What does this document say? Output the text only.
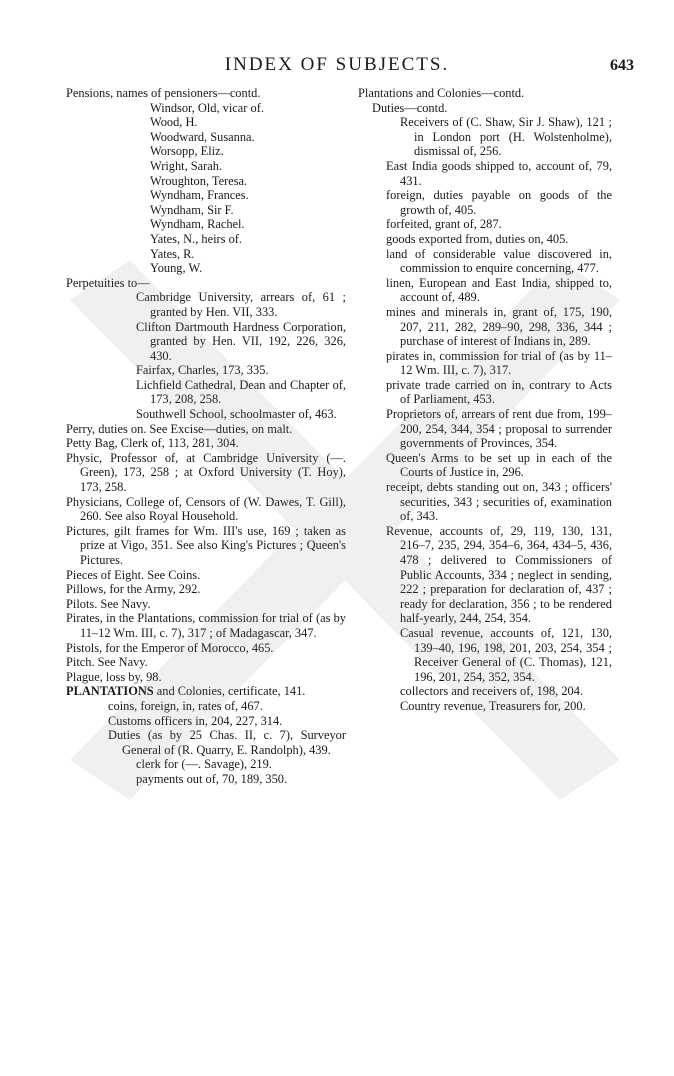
INDEX OF SUBJECTS.	643
Pensions, names of pensioners—contd.
Windsor, Old, vicar of.
Wood, H.
Woodward, Susanna.
Worsopp, Eliz.
Wright, Sarah.
Wroughton, Teresa.
Wyndham, Frances.
Wyndham, Sir F.
Wyndham, Rachel.
Yates, N., heirs of.
Yates, R.
Young, W.
Perpetuities to—
Cambridge University, arrears of, 61 ; granted by Hen. VII, 333.
Clifton Dartmouth Hardness Corporation, granted by Hen. VII, 192, 226, 326, 430.
Fairfax, Charles, 173, 335.
Lichfield Cathedral, Dean and Chapter of, 173, 208, 258.
Southwell School, schoolmaster of, 463.
Perry, duties on. See Excise—duties, on malt.
Petty Bag, Clerk of, 113, 281, 304.
Physic, Professor of, at Cambridge University (—. Green), 173, 258 ; at Oxford University (T. Hoy), 173, 258.
Physicians, College of, Censors of (W. Dawes, T. Gill), 260. See also Royal Household.
Pictures, gilt frames for Wm. III's use, 169 ; taken as prize at Vigo, 351. See also King's Pictures ; Queen's Pictures.
Pieces of Eight. See Coins.
Pillows, for the Army, 292.
Pilots. See Navy.
Pirates, in the Plantations, commission for trial of (as by 11–12 Wm. III, c. 7), 317 ; of Madagascar, 347.
Pistols, for the Emperor of Morocco, 465.
Pitch. See Navy.
Plague, loss by, 98.
PLANTATIONS and Colonies, certificate, 141.
coins, foreign, in, rates of, 467.
Customs officers in, 204, 227, 314.
Duties (as by 25 Chas. II, c. 7), Surveyor General of (R. Quarry, E. Randolph), 439.
clerk for (—. Savage), 219.
payments out of, 70, 189, 350.
Plantations and Colonies—contd.
Duties—contd.
Receivers of (C. Shaw, Sir J. Shaw), 121 ; in London port (H. Wolstenholme), dismissal of, 256.
East India goods shipped to, account of, 79, 431.
foreign, duties payable on goods of the growth of, 405.
forfeited, grant of, 287.
goods exported from, duties on, 405.
land of considerable value discovered in, commission to enquire concerning, 477.
linen, European and East India, shipped to, account of, 489.
mines and minerals in, grant of, 175, 190, 207, 211, 282, 289–90, 298, 336, 344 ; purchase of interest of Indians in, 289.
pirates in, commission for trial of (as by 11–12 Wm. III, c. 7), 317.
private trade carried on in, contrary to Acts of Parliament, 453.
Proprietors of, arrears of rent due from, 199–200, 254, 344, 354 ; proposal to surrender governments of Provinces, 354.
Queen's Arms to be set up in each of the Courts of Justice in, 296.
receipt, debts standing out on, 343 ; officers' securities, 343 ; securities of, examination of, 343.
Revenue, accounts of, 29, 119, 130, 131, 216–7, 235, 294, 354–6, 364, 434–5, 436, 478 ; delivered to Commissioners of Public Accounts, 334 ; neglect in sending, 222 ; preparation for declaration of, 437 ; ready for declaration, 356 ; to be rendered half-yearly, 244, 254, 354.
Casual revenue, accounts of, 121, 130, 139–40, 196, 198, 201, 203, 254, 354 ; Receiver General of (C. Thomas), 121, 196, 201, 254, 352, 354.
collectors and receivers of, 198, 204.
Country revenue, Treasurers for, 200.
